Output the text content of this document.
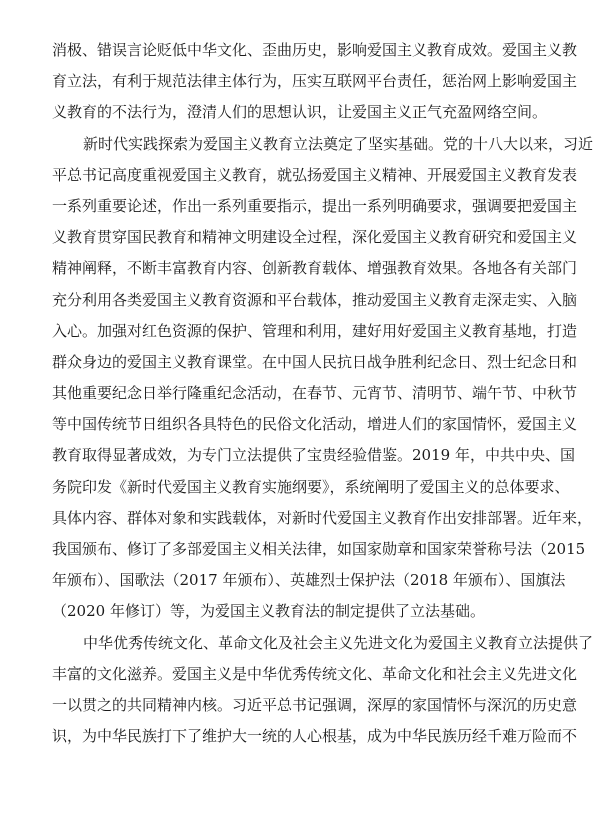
消极、错误言论贬低中华文化、歪曲历史，影响爱国主义教育成效。爱国主义教
育立法，有利于规范法律主体行为，压实互联网平台责任，惩治网上影响爱国主
义教育的不法行为，澄清人们的思想认识，让爱国主义正气充盈网络空间。
新时代实践探索为爱国主义教育立法奠定了坚实基础。党的十八大以来，习近
平总书记高度重视爱国主义教育，就弘扬爱国主义精神、开展爱国主义教育发表
一系列重要论述，作出一系列重要指示，提出一系列明确要求，强调要把爱国主
义教育贯穿国民教育和精神文明建设全过程，深化爱国主义教育研究和爱国主义
精神阐释，不断丰富教育内容、创新教育载体、增强教育效果。各地各有关部门
充分利用各类爱国主义教育资源和平台载体，推动爱国主义教育走深走实、入脑
入心。加强对红色资源的保护、管理和利用，建好用好爱国主义教育基地，打造
群众身边的爱国主义教育课堂。在中国人民抗日战争胜利纪念日、烈士纪念日和
其他重要纪念日举行隆重纪念活动，在春节、元宵节、清明节、端午节、中秋节
等中国传统节日组织各具特色的民俗文化活动，增进人们的家国情怀，爱国主义
教育取得显著成效，为专门立法提供了宝贵经验借鉴。2019 年，中共中央、国
务院印发《新时代爱国主义教育实施纲要》，系统阐明了爱国主义的总体要求、
具体内容、群体对象和实践载体，对新时代爱国主义教育作出安排部署。近年来，
我国颁布、修订了多部爱国主义相关法律，如国家勋章和国家荣誉称号法（2015
年颁布）、国歌法（2017 年颁布）、英雄烈士保护法（2018 年颁布）、国旗法
（2020 年修订）等，为爱国主义教育法的制定提供了立法基础。
中华优秀传统文化、革命文化及社会主义先进文化为爱国主义教育立法提供了
丰富的文化滋养。爱国主义是中华优秀传统文化、革命文化和社会主义先进文化
一以贯之的共同精神内核。习近平总书记强调，深厚的家国情怀与深沉的历史意
识，为中华民族打下了维护大一统的人心根基，成为中华民族历经千难万险而不
